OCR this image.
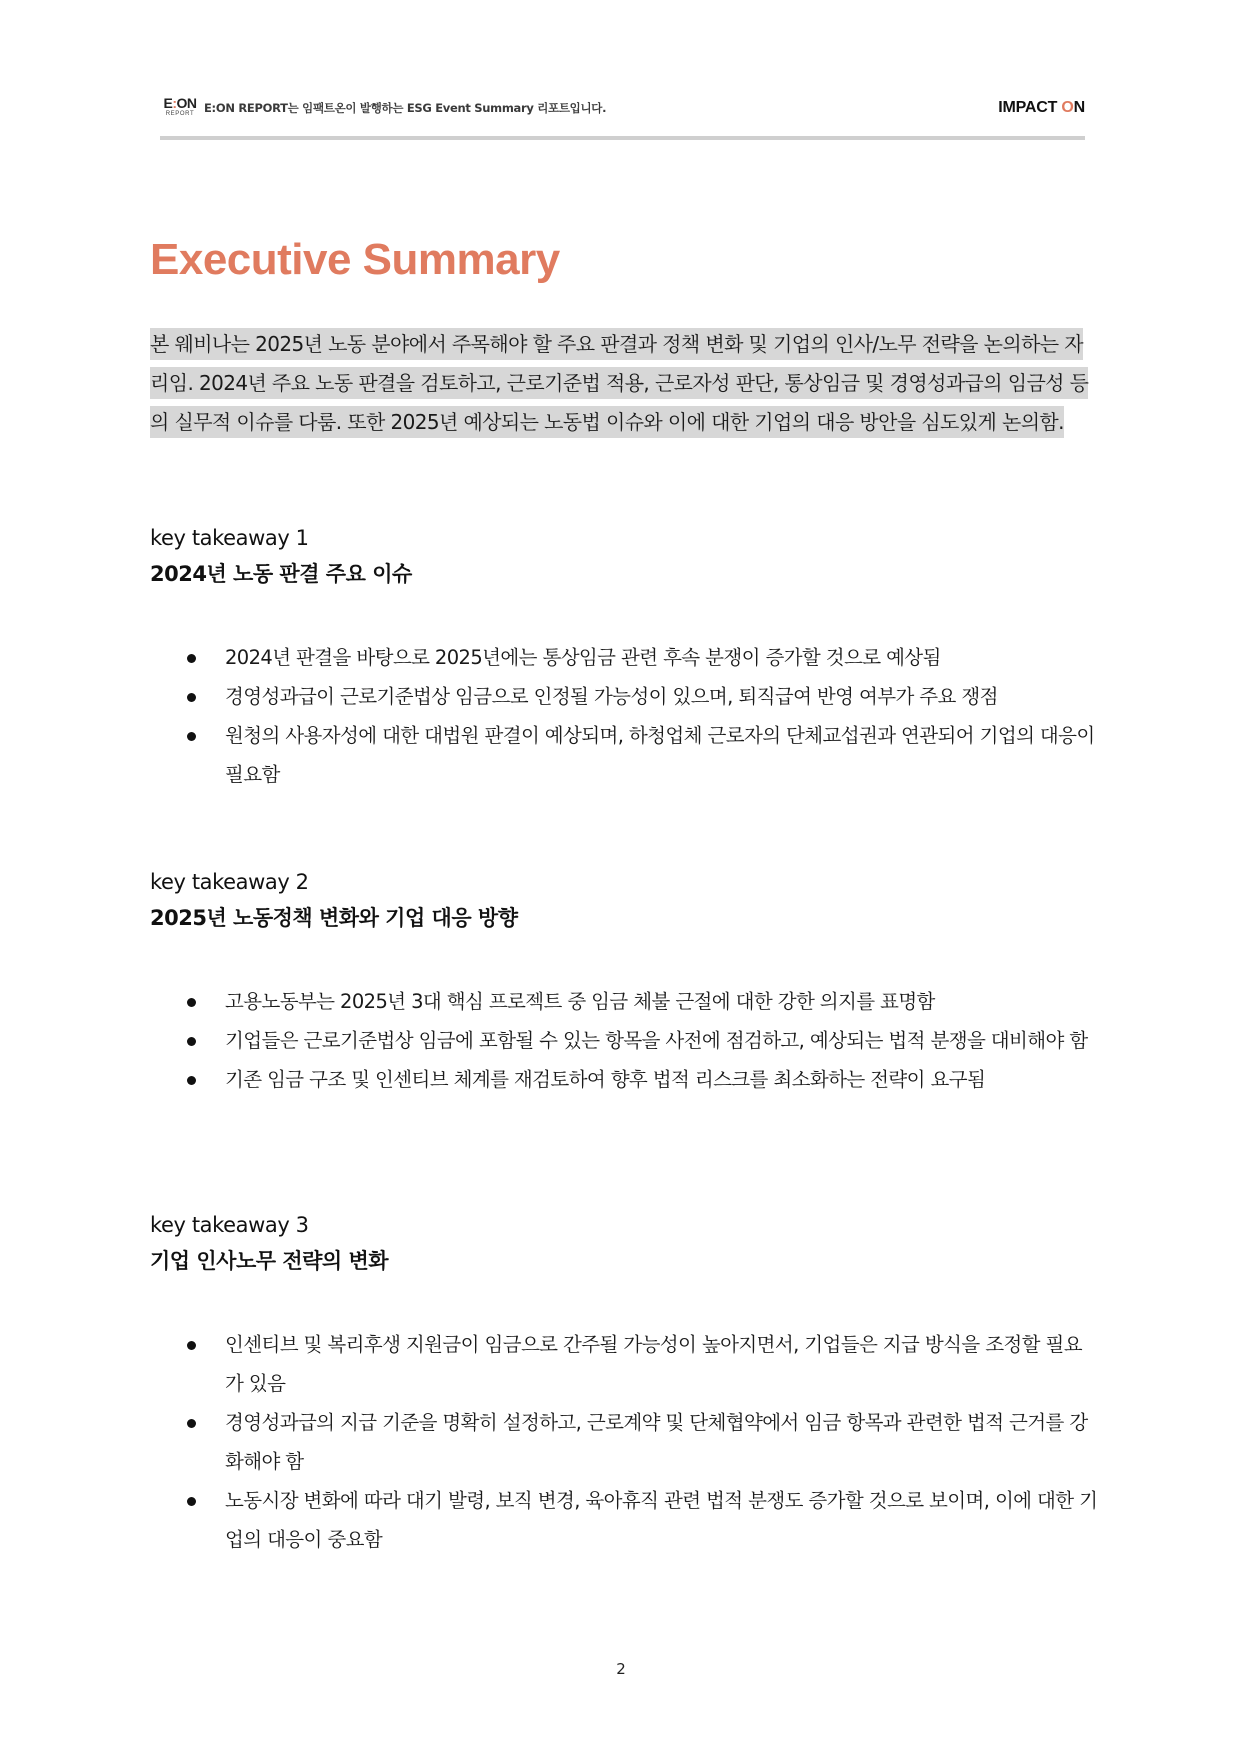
E:ON
REPORT E:ON REPORT는 임팩트온이 발행하는 ESG Event Summary 리포트입니다.	IMPACT ON
Executive Summary
본 웨비나는 2025년 노동 분야에서 주목해야 할 주요 판결과 정책 변화 및 기업의 인사/노무 전략을 논의하는 자리임. 2024년 주요 노동 판결을 검토하고, 근로기준법 적용, 근로자성 판단, 통상임금 및 경영성과급의 임금성 등의 실무적 이슈를 다룸. 또한 2025년 예상되는 노동법 이슈와 이에 대한 기업의 대응 방안을 심도있게 논의함.
key takeaway 1
2024년 노동 판결 주요 이슈
2024년 판결을 바탕으로 2025년에는 통상임금 관련 후속 분쟁이 증가할 것으로 예상됨
경영성과급이 근로기준법상 임금으로 인정될 가능성이 있으며, 퇴직급여 반영 여부가 주요 쟁점
원청의 사용자성에 대한 대법원 판결이 예상되며, 하청업체 근로자의 단체교섭권과 연관되어 기업의 대응이 필요함
key takeaway 2
2025년 노동정책 변화와 기업 대응 방향
고용노동부는 2025년 3대 핵심 프로젝트 중 임금 체불 근절에 대한 강한 의지를 표명함
기업들은 근로기준법상 임금에 포함될 수 있는 항목을 사전에 점검하고, 예상되는 법적 분쟁을 대비해야 함
기존 임금 구조 및 인센티브 체계를 재검토하여 향후 법적 리스크를 최소화하는 전략이 요구됨
key takeaway 3
기업 인사노무 전략의 변화
인센티브 및 복리후생 지원금이 임금으로 간주될 가능성이 높아지면서, 기업들은 지급 방식을 조정할 필요가 있음
경영성과급의 지급 기준을 명확히 설정하고, 근로계약 및 단체협약에서 임금 항목과 관련한 법적 근거를 강화해야 함
노동시장 변화에 따라 대기 발령, 보직 변경, 육아휴직 관련 법적 분쟁도 증가할 것으로 보이며, 이에 대한 기업의 대응이 중요함
2
